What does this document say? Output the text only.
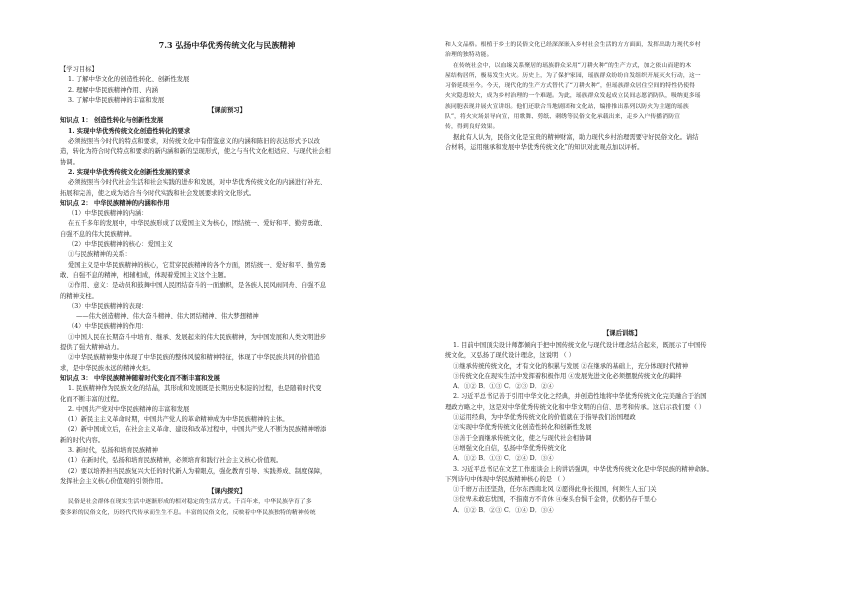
7.3 弘扬中华优秀传统文化与民族精神
【学习目标】
1. 了解中华文化的创造性转化、创新性发展
2. 理解中华民族精神作用、内涵
3. 了解中华民族精神的丰富和发展
【课前预习】
知识点 1： 创造性转化与创新性发展
1. 实现中华优秀传统文化创造性转化的要求
必须按照当今时代的特点和要求，对传统文化中有借鉴意义的内涵和陈旧的表达形式予以改
造，转化为符合时代特点和要求的新内涵和新的呈现形式，使之与当代文化相适应、与现代社会相
协调。
2. 实现中华优秀传统文化创新性发展的要求
必须按照当今时代社会生活和社会实践的进步和发展，对中华优秀传统文化的内涵进行补充、
拓展和完善，使之成为适合当今时代实践和社会发展要求的文化形式。
知识点 2： 中华民族精神的内涵和作用
（1）中华民族精神的内涵：
在五千多年的发展中，中华民族形成了以爱国主义为核心，团结统一、爱好和平、勤劳勇敢、
自强不息的伟大民族精神。
（2）中华民族精神的核心：爱国主义
①与民族精神的关系：
爱国主义是中华民族精神的核心，它贯穿民族精神的各个方面，团结统一、爱好和平、勤劳勇
敢、自强不息的精神，相辅相成，体现着爱国主义这个主题。
②作用、意义：是动员和鼓舞中国人民团结奋斗的一面旗帜，是各族人民风雨同舟、自强不息
的精神支柱。
（3）中华民族精神的表现：
——伟大创造精神、伟大奋斗精神、伟大团结精神、伟大梦想精神
（4）中华民族精神的作用：
①中国人民在长期奋斗中培育、继承、发展起来的伟大民族精神，为中国发展和人类文明进步
提供了强大精神动力。
②中华民族精神集中体现了中华民族的整体风貌和精神特征，体现了中华民族共同的价值追
求，是中华民族永远的精神火炬。
知识点 3： 中华民族精神随着时代变化而不断丰富和发展
1. 民族精神作为民族文化的结晶，其形成和发展既是长期历史积淀的过程，也是随着时代变
化而不断丰富的过程。
2. 中国共产党对中华民族精神的丰富和发展
(1）新民主主义革命时期，中国共产党人的革命精神成为中华民族精神的主体。
(2）新中国成立后，在社会主义革命、建设和改革过程中，中国共产党人不断为民族精神增添
新的时代内容。
3. 新时代，弘扬和培育民族精神
(1）在新时代，弘扬和培育民族精神，必须培育和践行社会主义核心价值观。
(2）要以培养担当民族复兴大任的时代新人为着眼点，强化教育引导、实践养成、制度保障，
发挥社会主义核心价值观的引领作用。
【课内探究】
民俗是社会群体在现实生活中逐渐形成的相对稳定的生活方式。千百年来，中华民族孕育了多
姿多彩的民俗文化，历经代代传承而生生不息。丰富的民俗文化，反映着中华民族独特的精神传统
和人文品格。根植于乡土的民俗文化已经深深嵌入乡村社会生活的方方面面，发挥出助力现代乡村
治理的独特功能。
在传统社会中，以血缘关系聚居的瑶族群众采用“刀耕火种”的生产方式，加之依山而建的木
屋结构居所，极易发生火灾。历史上，为了保护家园，瑶族群众纷纷自发组织开展灭火行动，这一
习俗延续至今。今天，现代化的生产方式替代了“刀耕火种”，但瑶族群众居住空间的特性仍使得
火灾隐患较大，成为乡村治理的一个难题。为此，瑶族群众发起成立民间志愿消防队，吸纳更多瑶
族同胞表现并展火宣讲组。他们还联合当地剧团和文化站，编排推出系列以防火为主题的瑶族
队”，将火灾场景导向宣，用歌舞、剪纸、刺绣等民俗文化承载出来，走乡入户传播消防宣
传，得到良好效果。
据此有人认为，民俗文化是宝贵的精神财富，助力现代乡村治理需要守好民俗文化。请结
合材料，运用继承和发展中华优秀传统文化”的知识对此观点加以评析。
【课后训练】
1. 目前中国顶尖设计师都倾向于把中国传统文化与现代设计理念结合起来，既展示了中国传
统文化，又弘扬了现代设计理念，这说明 （ ）
①继承传统传统文化，才有文化的积累与发展 ②在继承的基础上，充分体现时代精神
③传统文化在现实生活中发挥着积极作用 ④发展先进文化必须摆脱传统文化的羁绊
A．①② B．①③ C．②③ D．②④
2. 习近平总书记善于引用中华文化之经典，并创造性地将中华优秀传统文化完美融合于治国
理政方略之中，这是对中华优秀传统文化和中华文明的自信、思考和传承。这启示我们要（ ）
①运用经典，为中华优秀传统文化的价值就在于指导我们治国理政
②实现中华优秀传统文化创造性转化和创新性发展
③善于全面继承传统文化，使之与现代社会相协调
④增强文化自信，弘扬中华优秀传统文化
A．①② B．①③ C．②④ D．③④
3. 习近平总书记在文艺工作座谈会上的讲话强调，中华优秀传统文化是中华民族的精神命脉。
下列诗句中体现中华民族精神核心的是 （ ）
①千磨万击还坚劲，任尔东西南北风 ②愿得此身长报国，何须生人玉门关
③位卑未敢忘忧国，不指南方不肯休 ④秦头台惧千金骨，伏枥仍存千里心
A．①② B．②③ C．①④ D．③④
